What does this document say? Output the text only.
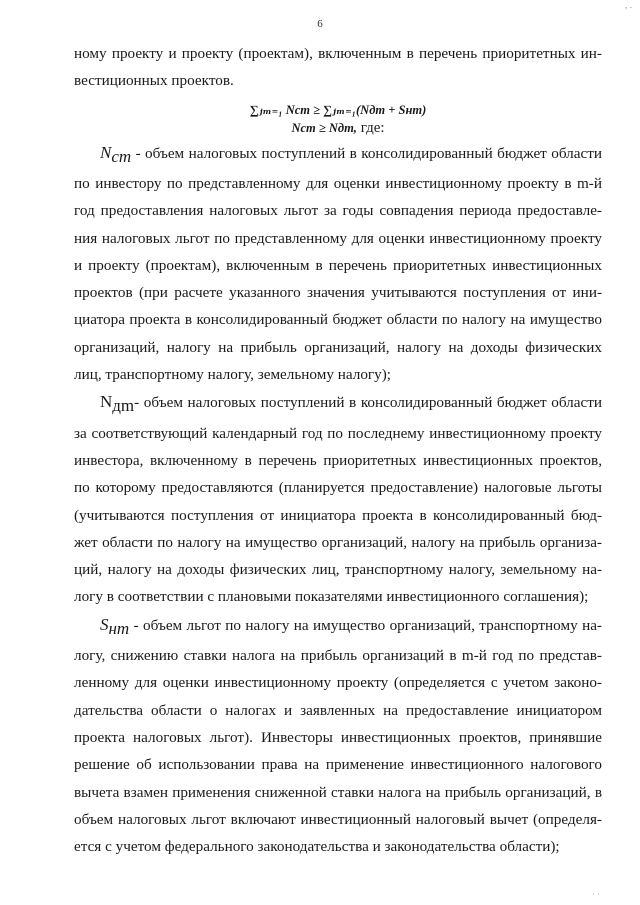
‚ .
6
ному проекту и проекту (проектам), включенным в перечень приоритетных ин-
вестиционных проектов.
∑ⱼₘ₌₁ Nсm ≥ ∑ⱼₘ₌₁(Nдm + Sнm)
Nсm ≥ Nдm, где:
$N_{cm}$ - объем налоговых поступлений в консолидированный бюджет области
по инвестору по представленному для оценки инвестиционному проекту в m-й
год предоставления налоговых льгот за годы совпадения периода предоставле-
ния налоговых льгот по представленному для оценки инвестиционному проекту
и проекту (проектам), включенным в перечень приоритетных инвестиционных
проектов (при расчете указанного значения учитываются поступления от ини-
циатора проекта в консолидированный бюджет области по налогу на имущество
организаций, налогу на прибыль организаций, налогу на доходы физических
лиц, транспортному налогу, земельному налогу);
$N_{дm}-$ объем налоговых поступлений в консолидированный бюджет области
за соответствующий календарный год по последнему инвестиционному проекту
инвестора, включенному в перечень приоритетных инвестиционных проектов,
по которому предоставляются (планируется предоставление) налоговые льготы
(учитываются поступления от инициатора проекта в консолидированный бюд-
жет области по налогу на имущество организаций, налогу на прибыль организа-
ций, налогу на доходы физических лиц, транспортному налогу, земельному на-
логу в соответствии с плановыми показателями инвестиционного соглашения);
$S_{нm}$ - объем льгот по налогу на имущество организаций, транспортному на-
логу, снижению ставки налога на прибыль организаций в m-й год по представ-
ленному для оценки инвестиционному проекту (определяется с учетом законо-
дательства области о налогах и заявленных на предоставление инициатором
проекта налоговых льгот). Инвесторы инвестиционных проектов, принявшие
решение об использовании права на применение инвестиционного налогового
вычета взамен применения сниженной ставки налога на прибыль организаций, в
объем налоговых льгот включают инвестиционный налоговый вычет (определя-
ется с учетом федерального законодательства и законодательства области);
· ·
